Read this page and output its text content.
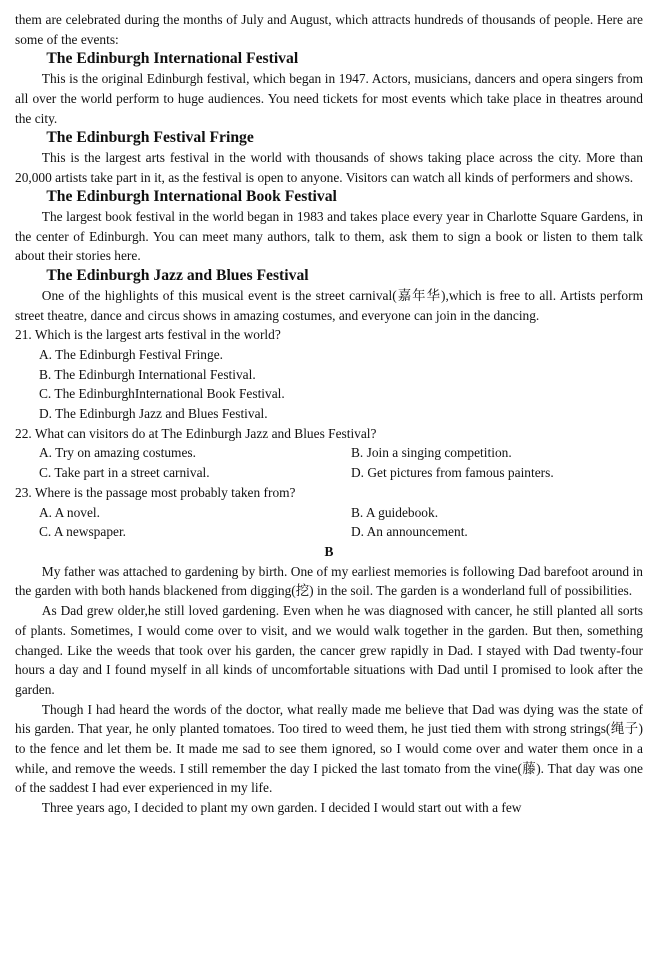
them are celebrated during the months of July and August, which attracts hundreds of thousands of people. Here are some of the events:

The Edinburgh International Festival

This is the original Edinburgh festival, which began in 1947. Actors, musicians, dancers and opera singers from all over the world perform to huge audiences. You need tickets for most events which take place in theatres around the city.

The Edinburgh Festival Fringe

This is the largest arts festival in the world with thousands of shows taking place across the city. More than 20,000 artists take part in it, as the festival is open to anyone. Visitors can watch all kinds of performers and shows.

The Edinburgh International Book Festival

The largest book festival in the world began in 1983 and takes place every year in Charlotte Square Gardens, in the center of Edinburgh. You can meet many authors, talk to them, ask them to sign a book or listen to them talk about their stories here.

The Edinburgh Jazz and Blues Festival

One of the highlights of this musical event is the street carnival(嘉年华),which is free to all. Artists perform street theatre, dance and circus shows in amazing costumes, and everyone can join in the dancing.

21. Which is the largest arts festival in the world?

A. The Edinburgh Festival Fringe.

B. The Edinburgh International Festival.

C. The EdinburghInternational Book Festival.

D. The Edinburgh Jazz and Blues Festival.

22. What can visitors do at The Edinburgh Jazz and Blues Festival?

A. Try on amazing costumes.	B. Join a singing competition.
C. Take part in a street carnival.	D. Get pictures from famous painters.

23. Where is the passage most probably taken from?

A. A novel.	B. A guidebook.
C. A newspaper.	D. An announcement.

B

My father was attached to gardening by birth. One of my earliest memories is following Dad barefoot around in the garden with both hands blackened from digging(挖) in the soil. The garden is a wonderland full of possibilities.

As Dad grew older,he still loved gardening. Even when he was diagnosed with cancer, he still planted all sorts of plants. Sometimes, I would come over to visit, and we would walk together in the garden. But then, something changed. Like the weeds that took over his garden, the cancer grew rapidly in Dad. I stayed with Dad twenty-four hours a day and I found myself in all kinds of uncomfortable situations with Dad until I promised to look after the garden.

Though I had heard the words of the doctor, what really made me believe that Dad was dying was the state of his garden. That year, he only planted tomatoes. Too tired to weed them, he just tied them with strong strings(绳子) to the fence and let them be. It made me sad to see them ignored, so I would come over and water them once in a while, and remove the weeds. I still remember the day I picked the last tomato from the vine(藤). That day was one of the saddest I had ever experienced in my life.

Three years ago, I decided to plant my own garden. I decided I would start out with a few
